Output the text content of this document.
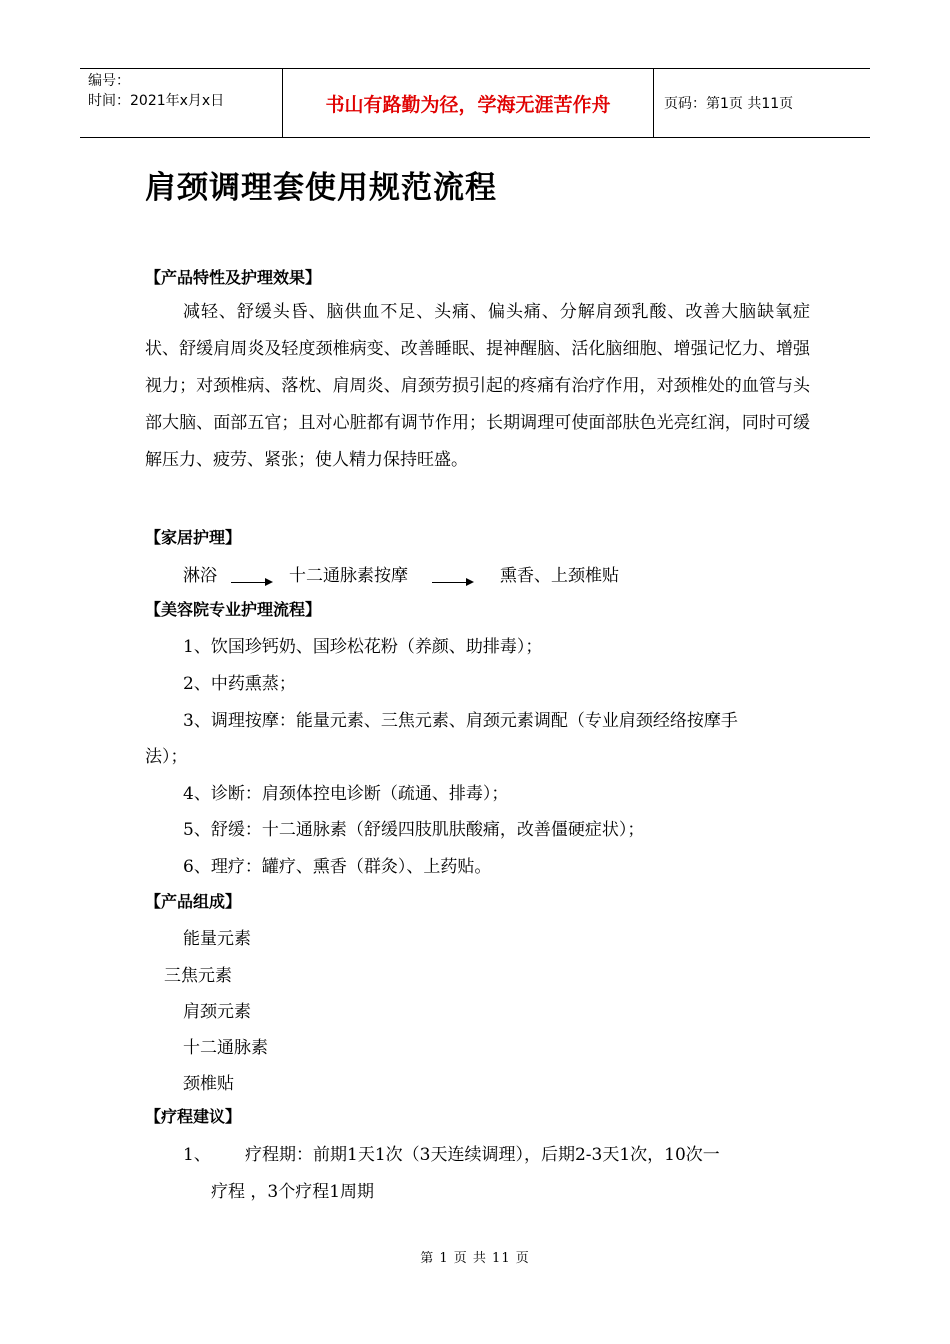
编号：
时间：2021年x月x日	书山有路勤为径，学海无涯苦作舟	页码：第1页 共11页
肩颈调理套使用规范流程
【产品特性及护理效果】
减轻、舒缓头昏、脑供血不足、头痛、偏头痛、分解肩颈乳酸、改善大脑缺氧症状、舒缓肩周炎及轻度颈椎病变、改善睡眠、提神醒脑、活化脑细胞、增强记忆力、增强视力；对颈椎病、落枕、肩周炎、肩颈劳损引起的疼痛有治疗作用，对颈椎处的血管与头部大脑、面部五官；且对心脏都有调节作用；长期调理可使面部肤色光亮红润，同时可缓解压力、疲劳、紧张；使人精力保持旺盛。
【家居护理】
淋浴	十二通脉素按摩	熏香、上颈椎贴
【美容院专业护理流程】
1、饮国珍钙奶、国珍松花粉（养颜、助排毒）；
2、中药熏蒸；
3、调理按摩：能量元素、三焦元素、肩颈元素调配（专业肩颈经络按摩手
法）；
4、诊断：肩颈体控电诊断（疏通、排毒）；
5、舒缓：十二通脉素（舒缓四肢肌肤酸痛，改善僵硬症状）；
6、理疗：罐疗、熏香（群灸）、上药贴。
【产品组成】
能量元素
三焦元素
肩颈元素
十二通脉素
颈椎贴
【疗程建议】
1、 疗程期：前期1天1次（3天连续调理），后期2-3天1次，10次一
疗程 ，3个疗程1周期
第 1 页 共 11 页
